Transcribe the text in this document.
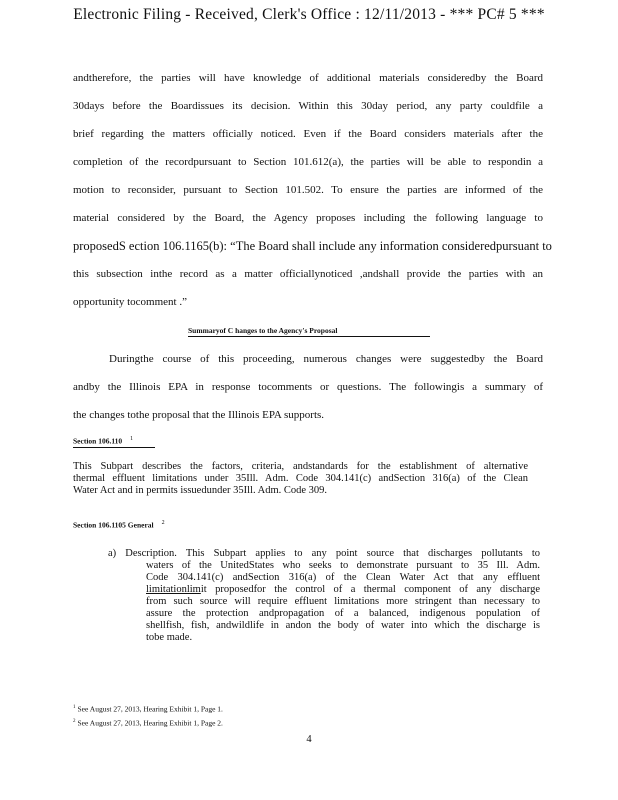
Electronic Filing - Received, Clerk's Office : 12/11/2013 - *** PC# 5 ***
andtherefore, the parties will have knowledge of additional materials consideredby the Board
30days before the Boardissues its decision. Within this 30day period, any party couldfile a
brief regarding the matters officially noticed. Even if the Board considers materials after the
completion of the recordpursuant to Section 101.612(a), the parties will be able to respondin a
motion to reconsider, pursuant to Section 101.502. To ensure the parties are informed of the
material considered by the Board, the Agency proposes including the following language to
proposedS ection 106.1165(b): “The Board shall include any information consideredpursuant to
this subsection inthe record as a matter officiallynoticed ,andshall provide the parties with an
opportunity tocomment .”
Summaryof C hanges to the Agency's Proposal
Duringthe course of this proceeding, numerous changes were suggestedby the Board
andby the Illinois EPA in response tocomments or questions. The followingis a summary of
the changes tothe proposal that the Illinois EPA supports.
Section 106.110 $^1$
This Subpart describes the factors, criteria, andstandards for the establishment of alternative
thermal effluent limitations under 35Ill. Adm. Code 304.141(c) andSection 316(a) of the Clean
Water Act and in permits issuedunder 35Ill. Adm. Code 309.
Section 106.1105 General $^2$
a) Description. This Subpart applies to any point source that discharges pollutants to
waters of the UnitedStates who seeks to demonstrate pursuant to 35 Ill. Adm.
Code 304.141(c) andSection 316(a) of the Clean Water Act that any effluent
limitationlimit proposedfor the control of a thermal component of any discharge
from such source will require effluent limitations more stringent than necessary to
assure the protection andpropagation of a balanced, indigenous population of
shellfish, fish, andwildlife in andon the body of water into which the discharge is
tobe made.
$^1$ See August 27, 2013, Hearing Exhibit 1, Page 1.
$^2$ See August 27, 2013, Hearing Exhibit 1, Page 2.
4
